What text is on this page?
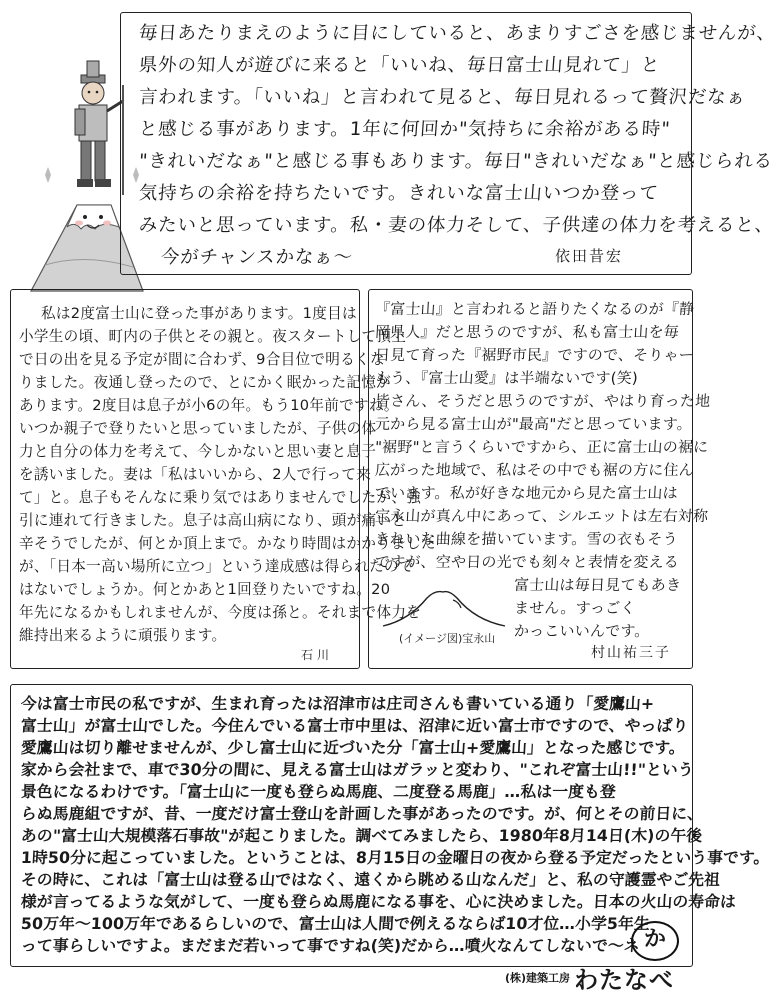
毎日あたりまえのように目にしていると、あまりすごさを感じませんが、
県外の知人が遊びに来ると「いいね、毎日富士山見れて」と
言われます。「いいね」と言われて見ると、毎日見れるって贅沢だなぁ
と感じる事があります。1年に何回か"気持ちに余裕がある時"
"きれいだなぁ"と感じる事もあります。毎日"きれいだなぁ"と感じられる
気持ちの余裕を持ちたいです。きれいな富士山いつか登って
みたいと思っています。私・妻の体力そして、子供達の体力を考えると、
今がチャンスかなぁ〜	依田昔宏
私は2度富士山に登った事があります。1度目は
小学生の頃、町内の子供とその親と。夜スタートして頂上
で日の出を見る予定が間に合わず、9合目位で明るくな
りました。夜通し登ったので、とにかく眠かった記憶が
あります。2度目は息子が小6の年。もう10年前ですね。
いつか親子で登りたいと思っていましたが、子供の体
力と自分の体力を考えて、今しかないと思い妻と息子
を誘いました。妻は「私はいいから、2人で行って来
て」と。息子もそんなに乗り気ではありませんでしたが、強
引に連れて行きました。息子は高山病になり、頭が痛いと
辛そうでしたが、何とか頂上まで。かなり時間はかかりました
が、「日本一高い場所に立つ」という達成感は得られたので
はないでしょうか。何とかあと1回登りたいですね。20
年先になるかもしれませんが、今度は孫と。それまで体力を
維持出来るように頑張ります。
石川
『富士山』と言われると語りたくなるのが『静
岡県人』だと思うのですが、私も富士山を毎
日見て育った『裾野市民』ですので、そりゃー
もう、『富士山愛』は半端ないです(笑)
皆さん、そうだと思うのですが、やはり育った地
元から見る富士山が"最高"だと思っています。
"裾野"と言うくらいですから、正に富士山の裾に
広がった地域で、私はその中でも裾の方に住ん
でいます。私が好きな地元から見た富士山は
宝永山が真ん中にあって、シルエットは左右対称
きれいな曲線を描いています。雪の衣もそう
ですが、空や日の光でも刻々と表情を変える
富士山は毎日見てもあき
ません。すっごく
かっこいいんです。
(イメージ図)宝永山
村山祐三子
今は富士市民の私ですが、生まれ育ったは沼津市は庄司さんも書いている通り「愛鷹山+
富士山」が富士山でした。今住んでいる富士市中里は、沼津に近い富士市ですので、やっぱり
愛鷹山は切り離せませんが、少し富士山に近づいた分「富士山+愛鷹山」となった感じです。
家から会社まで、車で30分の間に、見える富士山はガラッと変わり、"これぞ富士山!!"という
景色になるわけです。「富士山に一度も登らぬ馬鹿、二度登る馬鹿」…私は一度も登
らぬ馬鹿組ですが、昔、一度だけ富士登山を計画した事があったのです。が、何とその前日に、
あの"富士山大規模落石事故"が起こりました。調べてみましたら、1980年8月14日(木)の午後
1時50分に起こっていました。ということは、8月15日の金曜日の夜から登る予定だったという事です。
その時に、これは「富士山は登る山ではなく、遠くから眺める山なんだ」と、私の守護霊やご先祖
様が言ってるような気がして、一度も登らぬ馬鹿になる事を、心に決めました。日本の火山の寿命は
50万年〜100万年であるらしいので、富士山は人間で例えるならば10才位…小学5年生
って事らしいですよ。まだまだ若いって事ですね(笑)だから…噴火なんてしないで〜ネ か
(株)建築工房 わたなべ
